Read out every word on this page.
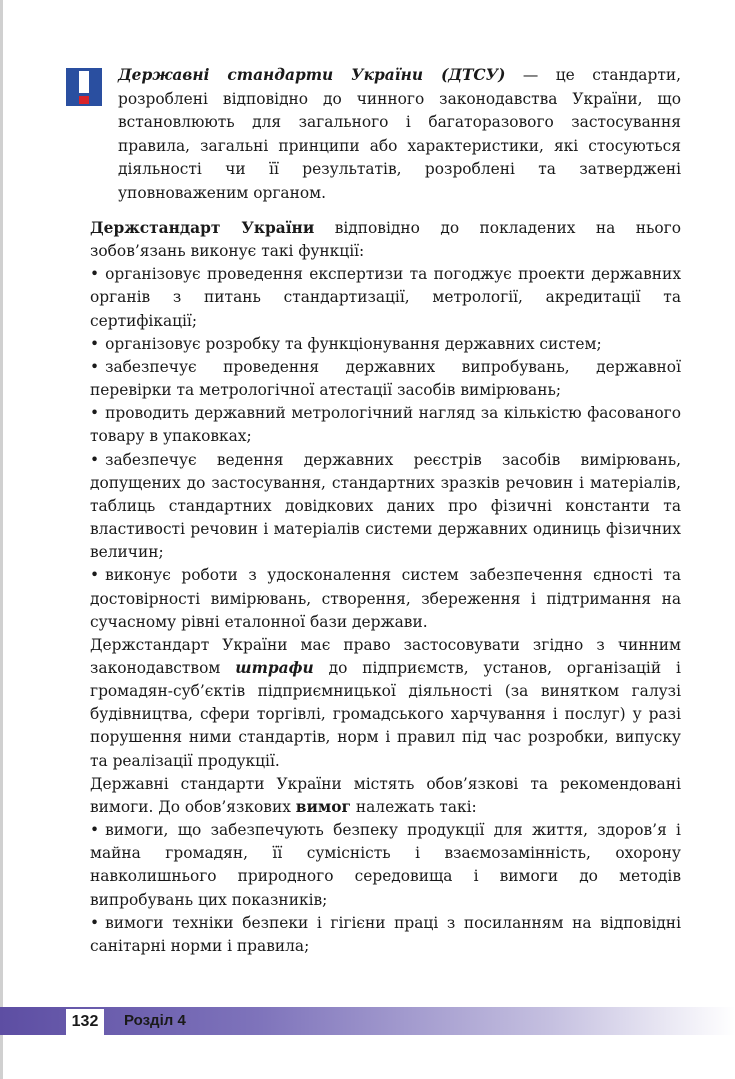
Державні стандарти України (ДТСУ) — це стандарти, розроблені відповідно до чинного законодавства України, що встановлюють для загального і багаторазового застосування правила, загальні принципи або характеристики, які стосуються діяльності чи її результатів, розроблені та затверджені уповноваженим органом.

Держстандарт України відповідно до покладених на нього зобов’язань виконує такі функції:

• організовує проведення експертизи та погоджує проекти державних органів з питань стандартизації, метрології, акредитації та сертифікації;

• організовує розробку та функціонування державних систем;

• забезпечує проведення державних випробувань, державної перевірки та метрологічної атестації засобів вимірювань;

• проводить державний метрологічний нагляд за кількістю фасованого товару в упаковках;

• забезпечує ведення державних реєстрів засобів вимірювань, допущених до застосування, стандартних зразків речовин і матеріалів, таблиць стандартних довідкових даних про фізичні константи та властивості речовин і матеріалів системи державних одиниць фізичних величин;

• виконує роботи з удосконалення систем забезпечення єдності та достовірності вимірювань, створення, збереження і підтримання на сучасному рівні еталонної бази держави.

Держстандарт України має право застосовувати згідно з чинним законодавством штрафи до підприємств, установ, організацій і громадян-суб’єктів підприємницької діяльності (за винятком галузі будівництва, сфери торгівлі, громадського харчування і послуг) у разі порушення ними стандартів, норм і правил під час розробки, випуску та реалізації продукції.

Державні стандарти України містять обов’язкові та рекомендовані вимоги. До обов’язкових вимог належать такі:

• вимоги, що забезпечують безпеку продукції для життя, здоров’я і майна громадян, її сумісність і взаємозамінність, охорону навколишнього природного середовища і вимоги до методів випробувань цих показників;

• вимоги техніки безпеки і гігієни праці з посиланням на відповідні санітарні норми і правила;

132	Розділ 4
